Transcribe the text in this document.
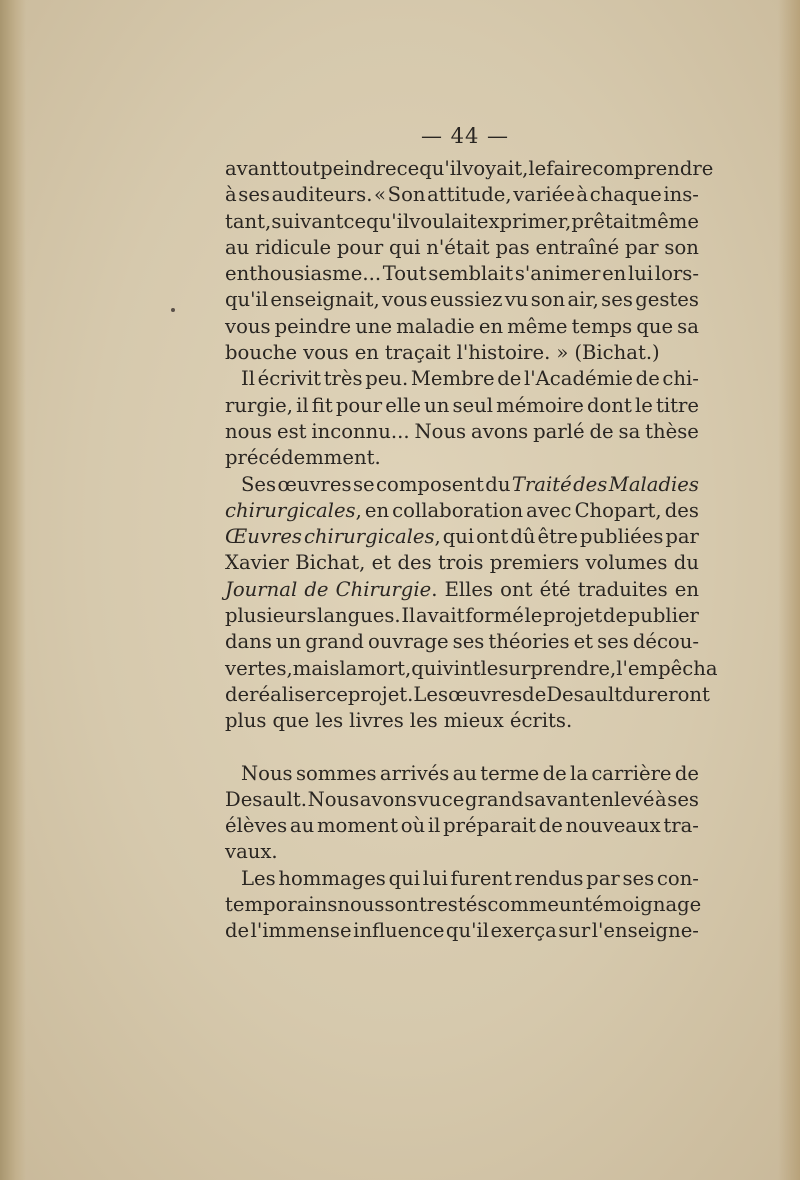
— 44 —
avant tout peindre ce qu'il voyait, le faire comprendre
à ses auditeurs. « Son attitude, variée à chaque ins-
tant, suivant ce qu'il voulait exprimer, prêtait même
au ridicule pour qui n'était pas entraîné par son
enthousiasme... Tout semblait s'animer en lui lors-
qu'il enseignait, vous eussiez vu son air, ses gestes
vous peindre une maladie en même temps que sa
bouche vous en traçait l'histoire. » (Bichat.)
Il écrivit très peu. Membre de l'Académie de chi-
rurgie, il fit pour elle un seul mémoire dont le titre
nous est inconnu... Nous avons parlé de sa thèse
précédemment.
Ses œuvres se composent du Traité des Maladies
chirurgicales, en collaboration avec Chopart, des
Œuvres chirurgicales, qui ont dû être publiées par
Xavier Bichat, et des trois premiers volumes du
Journal de Chirurgie. Elles ont été traduites en
plusieurs langues. Il avait formé le projet de publier
dans un grand ouvrage ses théories et ses décou-
vertes, mais la mort, qui vint le surprendre, l'empêcha
de réaliser ce projet. Les œuvres de Desault dureront
plus que les livres les mieux écrits.
Nous sommes arrivés au terme de la carrière de
Desault. Nous avons vu ce grand savant enlevé à ses
élèves au moment où il préparait de nouveaux tra-
vaux.
Les hommages qui lui furent rendus par ses con-
temporains nous sont restés comme un témoignage
de l'immense influence qu'il exerça sur l'enseigne-
